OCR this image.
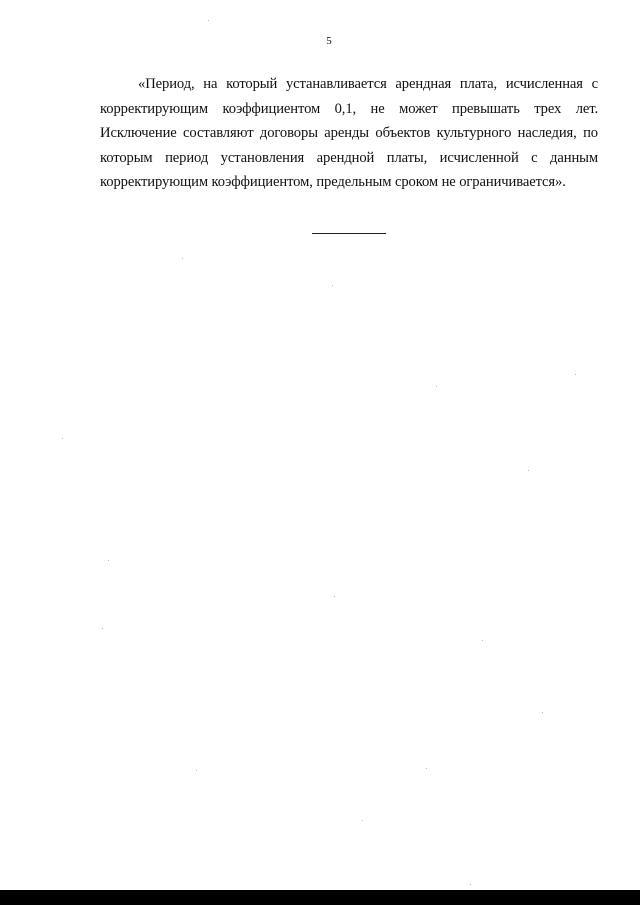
5

«Период, на который устанавливается арендная плата, исчисленная с корректирующим коэффициентом 0,1, не может превышать трех лет. Исключение составляют договоры аренды объектов культурного наследия, по которым период установления арендной платы, исчисленной с данным корректирующим коэффициентом, предельным сроком не ограничивается».
